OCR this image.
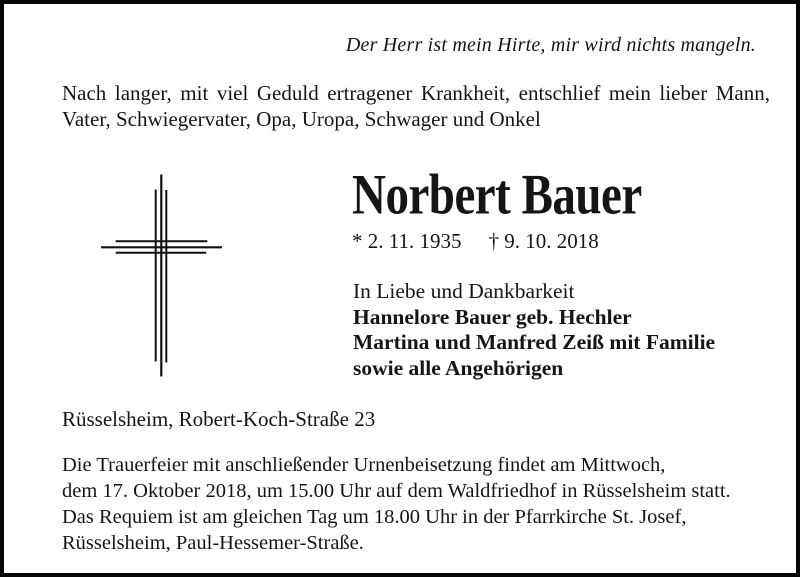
Der Herr ist mein Hirte, mir wird nichts mangeln.
Nach langer, mit viel Geduld ertragener Krankheit, entschlief mein lieber Mann,
Vater, Schwiegervater, Opa, Uropa, Schwager und Onkel
Norbert Bauer
* 2. 11. 1935 † 9. 10. 2018
In Liebe und Dankbarkeit
Hannelore Bauer geb. Hechler
Martina und Manfred Zeiß mit Familie
sowie alle Angehörigen
Rüsselsheim, Robert-Koch-Straße 23
Die Trauerfeier mit anschließender Urnenbeisetzung findet am Mittwoch,
dem 17. Oktober 2018, um 15.00 Uhr auf dem Waldfriedhof in Rüsselsheim statt.
Das Requiem ist am gleichen Tag um 18.00 Uhr in der Pfarrkirche St. Josef,
Rüsselsheim, Paul-Hessemer-Straße.
